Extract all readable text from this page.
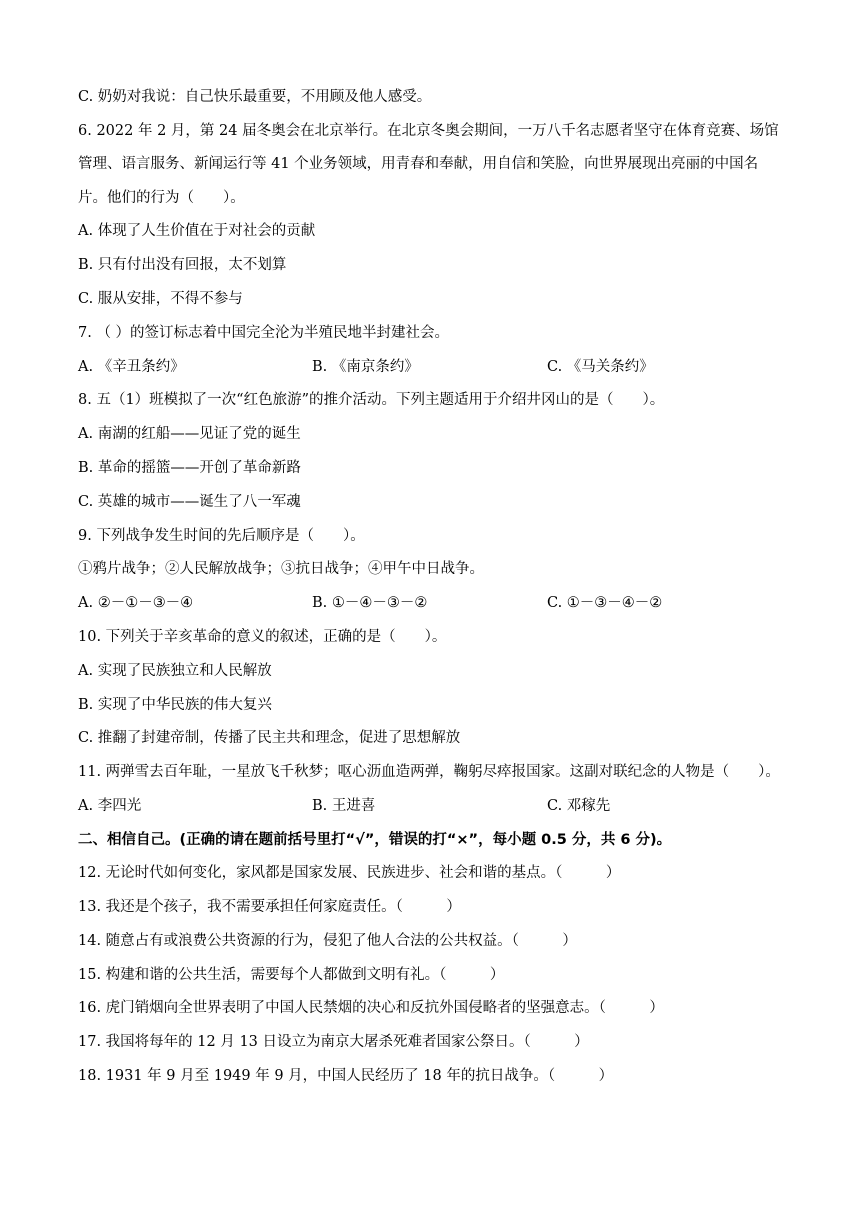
C. 奶奶对我说：自己快乐最重要，不用顾及他人感受。
6. 2022 年 2 月，第 24 届冬奥会在北京举行。在北京冬奥会期间，一万八千名志愿者坚守在体育竞赛、场馆
管理、语言服务、新闻运行等 41 个业务领域，用青春和奉献，用自信和笑脸，向世界展现出亮丽的中国名
片。他们的行为（　　）。
A. 体现了人生价值在于对社会的贡献
B. 只有付出没有回报，太不划算
C. 服从安排，不得不参与
7. （ ）的签订标志着中国完全沦为半殖民地半封建社会。
A. 《辛丑条约》	B. 《南京条约》	C. 《马关条约》
8. 五（1）班模拟了一次“红色旅游”的推介活动。下列主题适用于介绍井冈山的是（　　）。
A. 南湖的红船——见证了党的诞生
B. 革命的摇篮——开创了革命新路
C. 英雄的城市——诞生了八一军魂
9. 下列战争发生时间的先后顺序是（　　）。
①鸦片战争；②人民解放战争；③抗日战争；④甲午中日战争。
A. ②－①－③－④	B. ①－④－③－②	C. ①－③－④－②
10. 下列关于辛亥革命的意义的叙述，正确的是（　　）。
A. 实现了民族独立和人民解放
B. 实现了中华民族的伟大复兴
C. 推翻了封建帝制，传播了民主共和理念，促进了思想解放
11. 两弹雪去百年耻，一星放飞千秋梦；呕心沥血造两弹，鞠躬尽瘁报国家。这副对联纪念的人物是（　　）。
A. 李四光	B. 王进喜	C. 邓稼先
二、相信自己。(正确的请在题前括号里打“√”，错误的打“×”，每小题 0.5 分，共 6 分)。
12. 无论时代如何变化，家风都是国家发展、民族进步、社会和谐的基点。（　　　）
13. 我还是个孩子，我不需要承担任何家庭责任。（　　　）
14. 随意占有或浪费公共资源的行为，侵犯了他人合法的公共权益。（　　　）
15. 构建和谐的公共生活，需要每个人都做到文明有礼。（　　　）
16. 虎门销烟向全世界表明了中国人民禁烟的决心和反抗外国侵略者的坚强意志。（　　　）
17. 我国将每年的 12 月 13 日设立为南京大屠杀死难者国家公祭日。（　　　）
18. 1931 年 9 月至 1949 年 9 月，中国人民经历了 18 年的抗日战争。（　　　）
